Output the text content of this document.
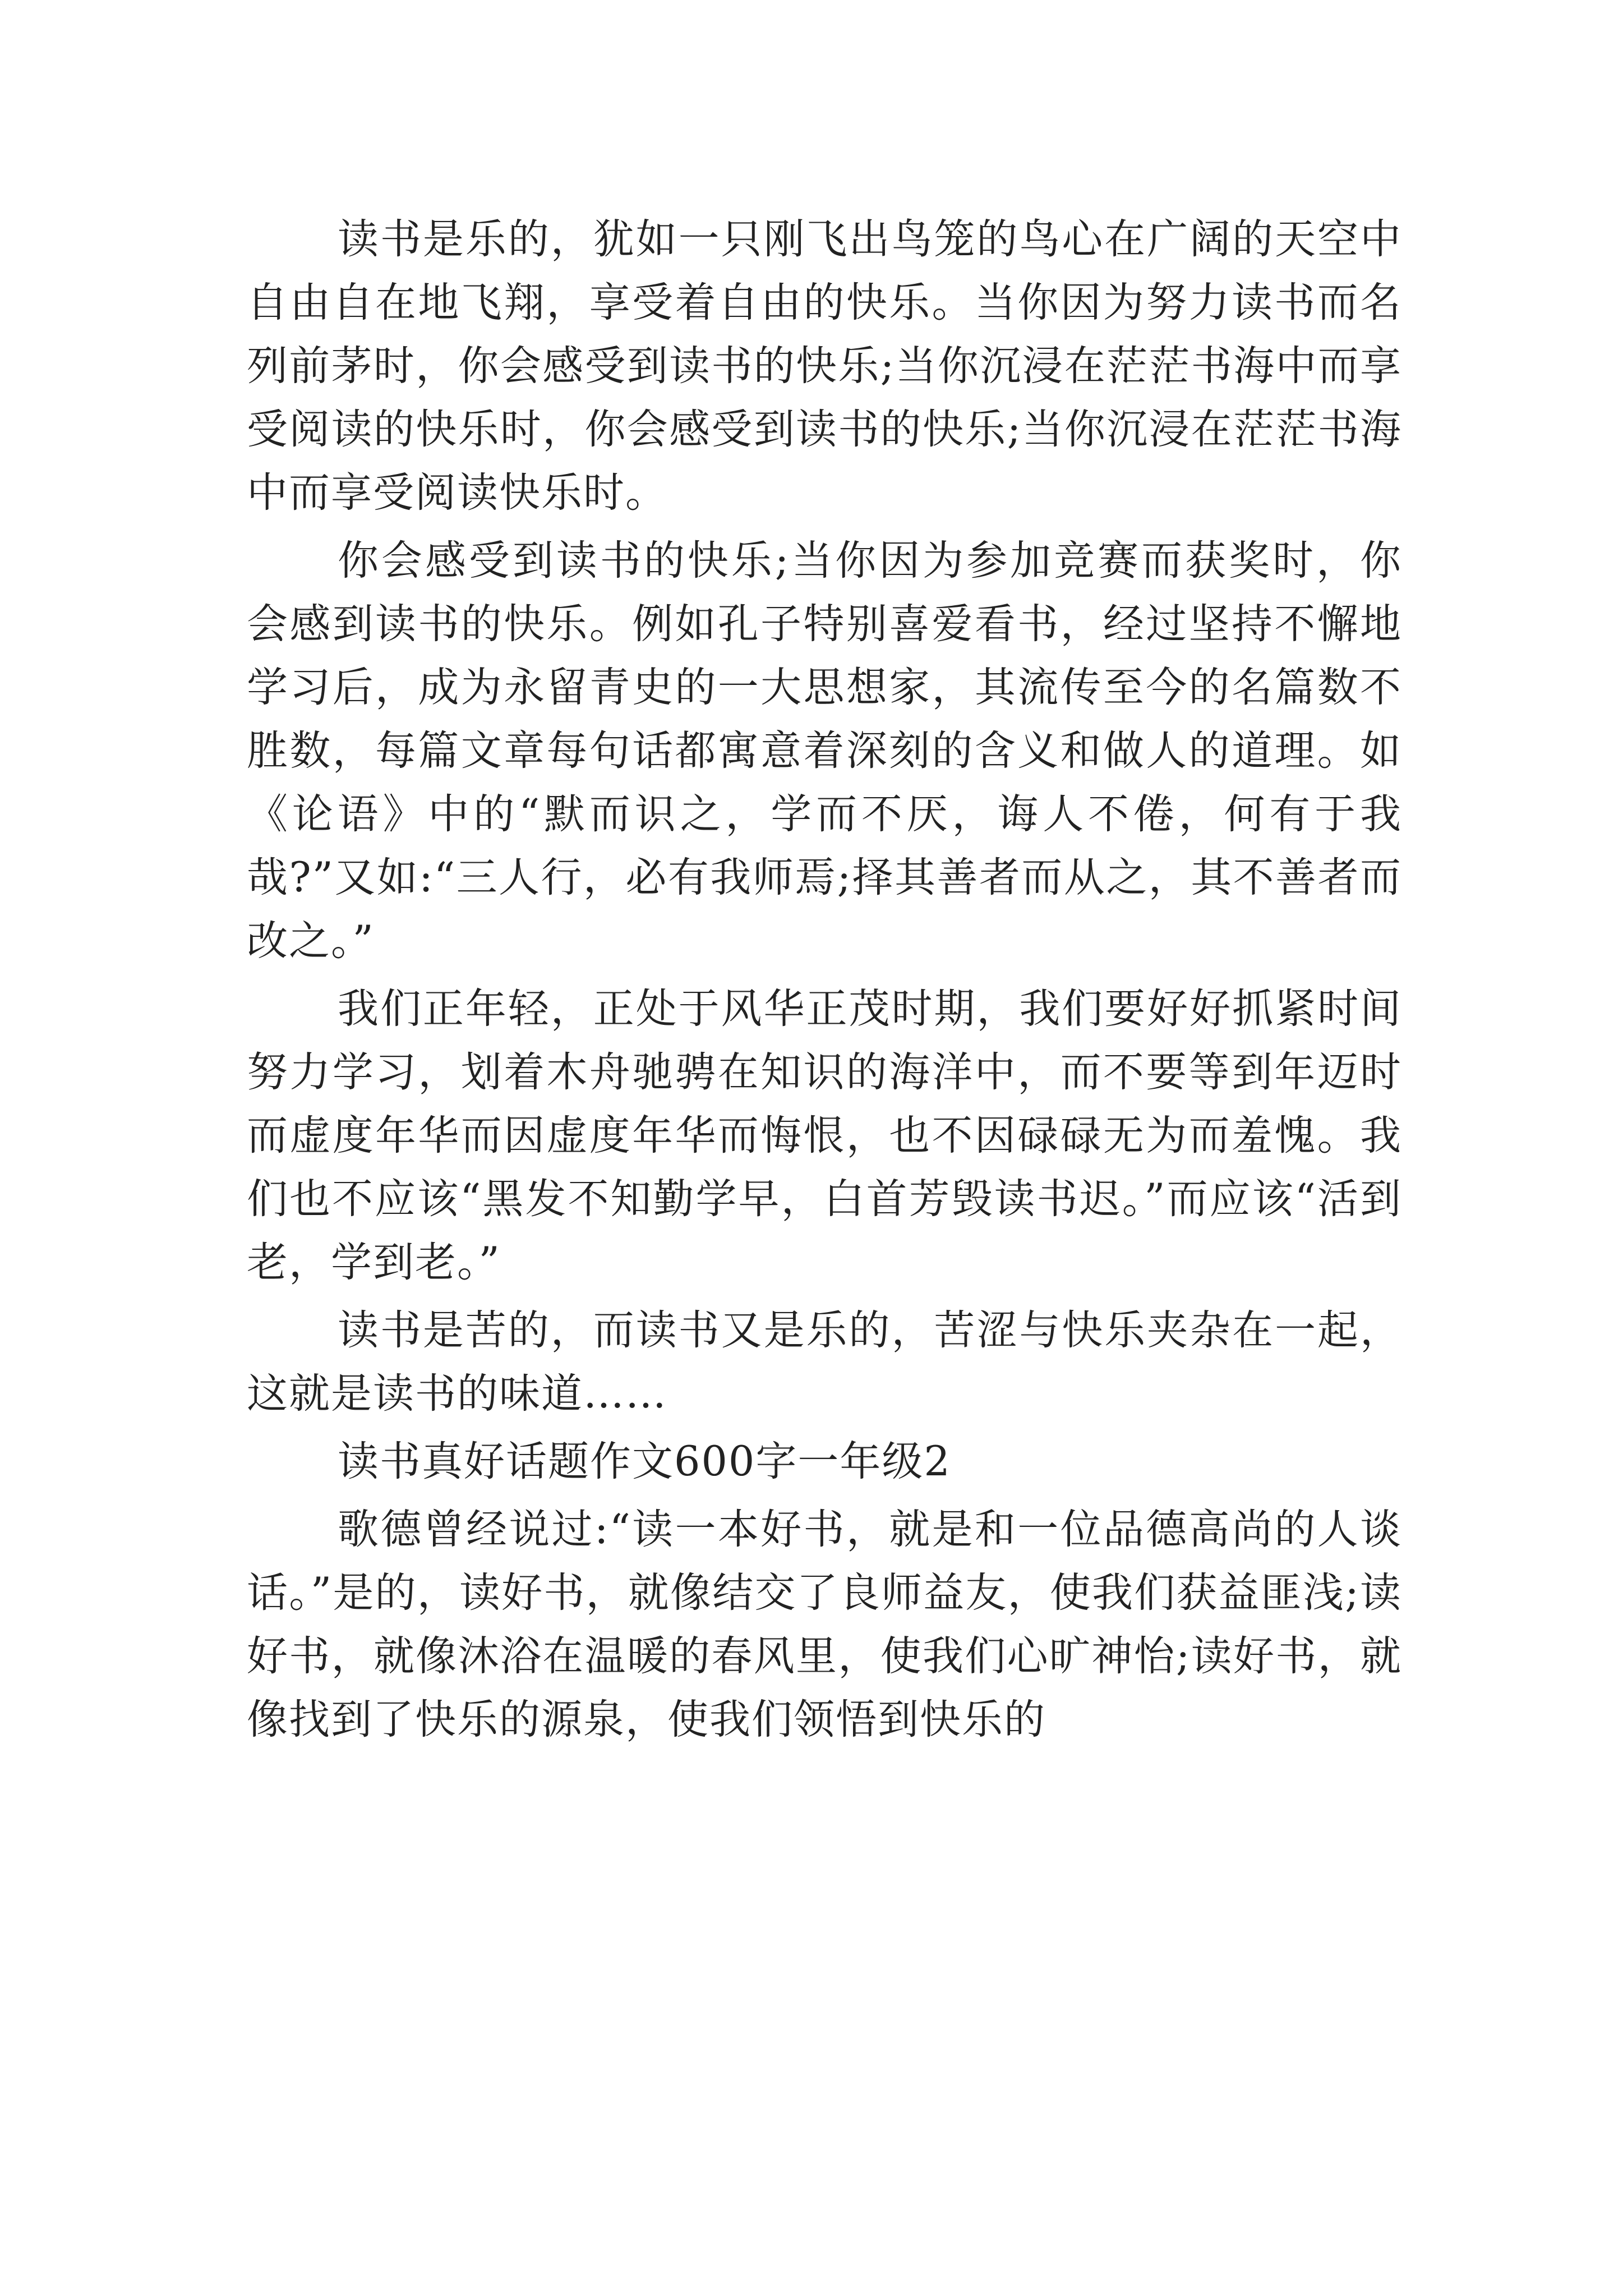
读书是乐的，犹如一只刚飞出鸟笼的鸟心在广阔的天空中自由自在地飞翔，享受着自由的快乐。当你因为努力读书而名列前茅时，你会感受到读书的快乐;当你沉浸在茫茫书海中而享受阅读的快乐时，你会感受到读书的快乐;当你沉浸在茫茫书海中而享受阅读快乐时。

你会感受到读书的快乐;当你因为参加竞赛而获奖时，你会感到读书的快乐。例如孔子特别喜爱看书，经过坚持不懈地学习后，成为永留青史的一大思想家，其流传至今的名篇数不胜数，每篇文章每句话都寓意着深刻的含义和做人的道理。如《论语》中的“默而识之，学而不厌，诲人不倦，何有于我哉?”又如:“三人行，必有我师焉;择其善者而从之，其不善者而改之。”

我们正年轻，正处于风华正茂时期，我们要好好抓紧时间努力学习，划着木舟驰骋在知识的海洋中，而不要等到年迈时而虚度年华而因虚度年华而悔恨，也不因碌碌无为而羞愧。我们也不应该“黑发不知勤学早，白首芳毁读书迟。”而应该“活到老，学到老。”

读书是苦的，而读书又是乐的，苦涩与快乐夹杂在一起，这就是读书的味道……

读书真好话题作文600字一年级2

歌德曾经说过:“读一本好书，就是和一位品德高尚的人谈话。”是的，读好书，就像结交了良师益友，使我们获益匪浅;读好书，就像沐浴在温暖的春风里，使我们心旷神怡;读好书，就像找到了快乐的源泉，使我们领悟到快乐的
